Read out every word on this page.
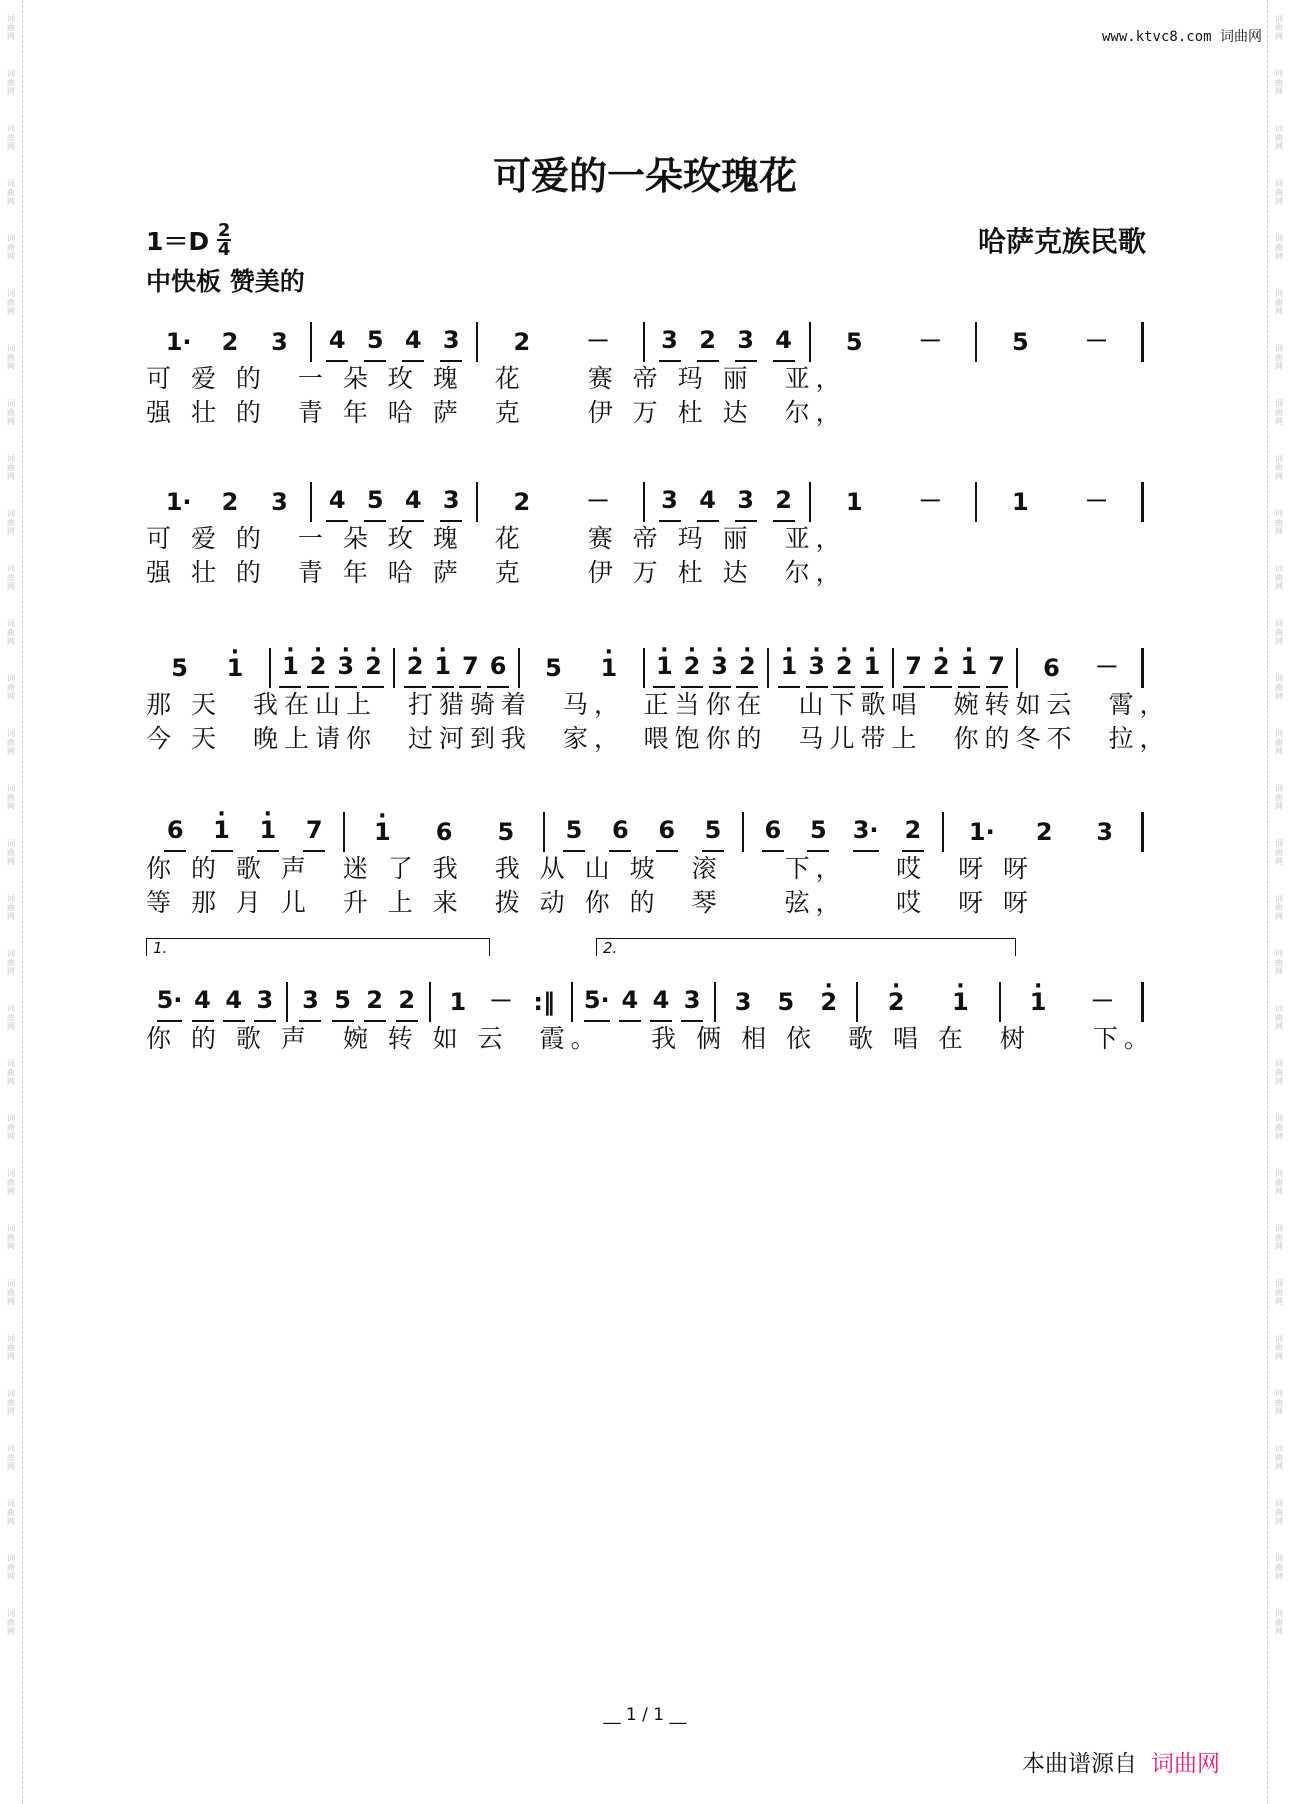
词曲网
词曲网
词曲网
词曲网
词曲网
词曲网
词曲网
词曲网
词曲网
词曲网
词曲网
词曲网
词曲网
词曲网
词曲网
词曲网
词曲网
词曲网
词曲网
词曲网
词曲网
词曲网
词曲网
词曲网
词曲网
词曲网
词曲网
词曲网
词曲网
词曲网
词曲网
词曲网
词曲网
词曲网
词曲网
词曲网
词曲网
词曲网
词曲网
词曲网
词曲网
词曲网
词曲网
词曲网
词曲网
词曲网
词曲网
词曲网
词曲网
词曲网
词曲网
词曲网
词曲网
词曲网
词曲网
词曲网
词曲网
词曲网
词曲网
词曲网
www.ktvc8.com 词曲网
可爱的一朵玫瑰花
1＝D 2
4	哈萨克族民歌
中快板 赞美的
1· 2 3 4 5 4 3 2 － 3 2 3 4 5 －	5 －
可 爱 的　一 朵 玫 瑰　花　　赛 帝 玛 丽　亚，
强 壮 的　青 年 哈 萨　克　　伊 万 杜 达　尔，
1· 2 3 4 5 4 3 2 － 3 4 3 2 1 －	1 －
可 爱 的　一 朵 玫 瑰　花　　赛 帝 玛 丽　亚，
强 壮 的　青 年 哈 萨　克　　伊 万 杜 达　尔，
5 · 1 · 1 · 2 · 3 · 2 · 2 · 1 7 6 5 · 1 · 1 · 2 · 3 · 2 · 1 · 3 · 2 · 1 7 · 2 · 1 7 6 －
那 天　我在山上　打猎骑着　马，　正当你在　山下歌唱　婉转如云　霄，
今 天　晚上请你　过河到我　家，　喂饱你的　马儿带上　你的冬不　拉，
6 · 1 · 1 7 · 1 6 5 5 6 6 5 6 5 3· 2 1· 2 3
你 的 歌 声　迷 了 我　我 从 山 坡　滚　　下，　　哎　呀 呀
等 那 月 儿　升 上 来　拨 动 你 的　琴　　弦，　　哎　呀 呀
1.	2.
5· 4 4 3 3 5 2 2 1 － :‖ 5· 4 4 3 3 5 · 2 · 2 · 1	· 1 －
你 的 歌 声　婉 转 如 云　霞。　　我 俩 相 依　歌 唱 在　树　　下。
__ 1 / 1 __
本曲谱源自 词曲网
